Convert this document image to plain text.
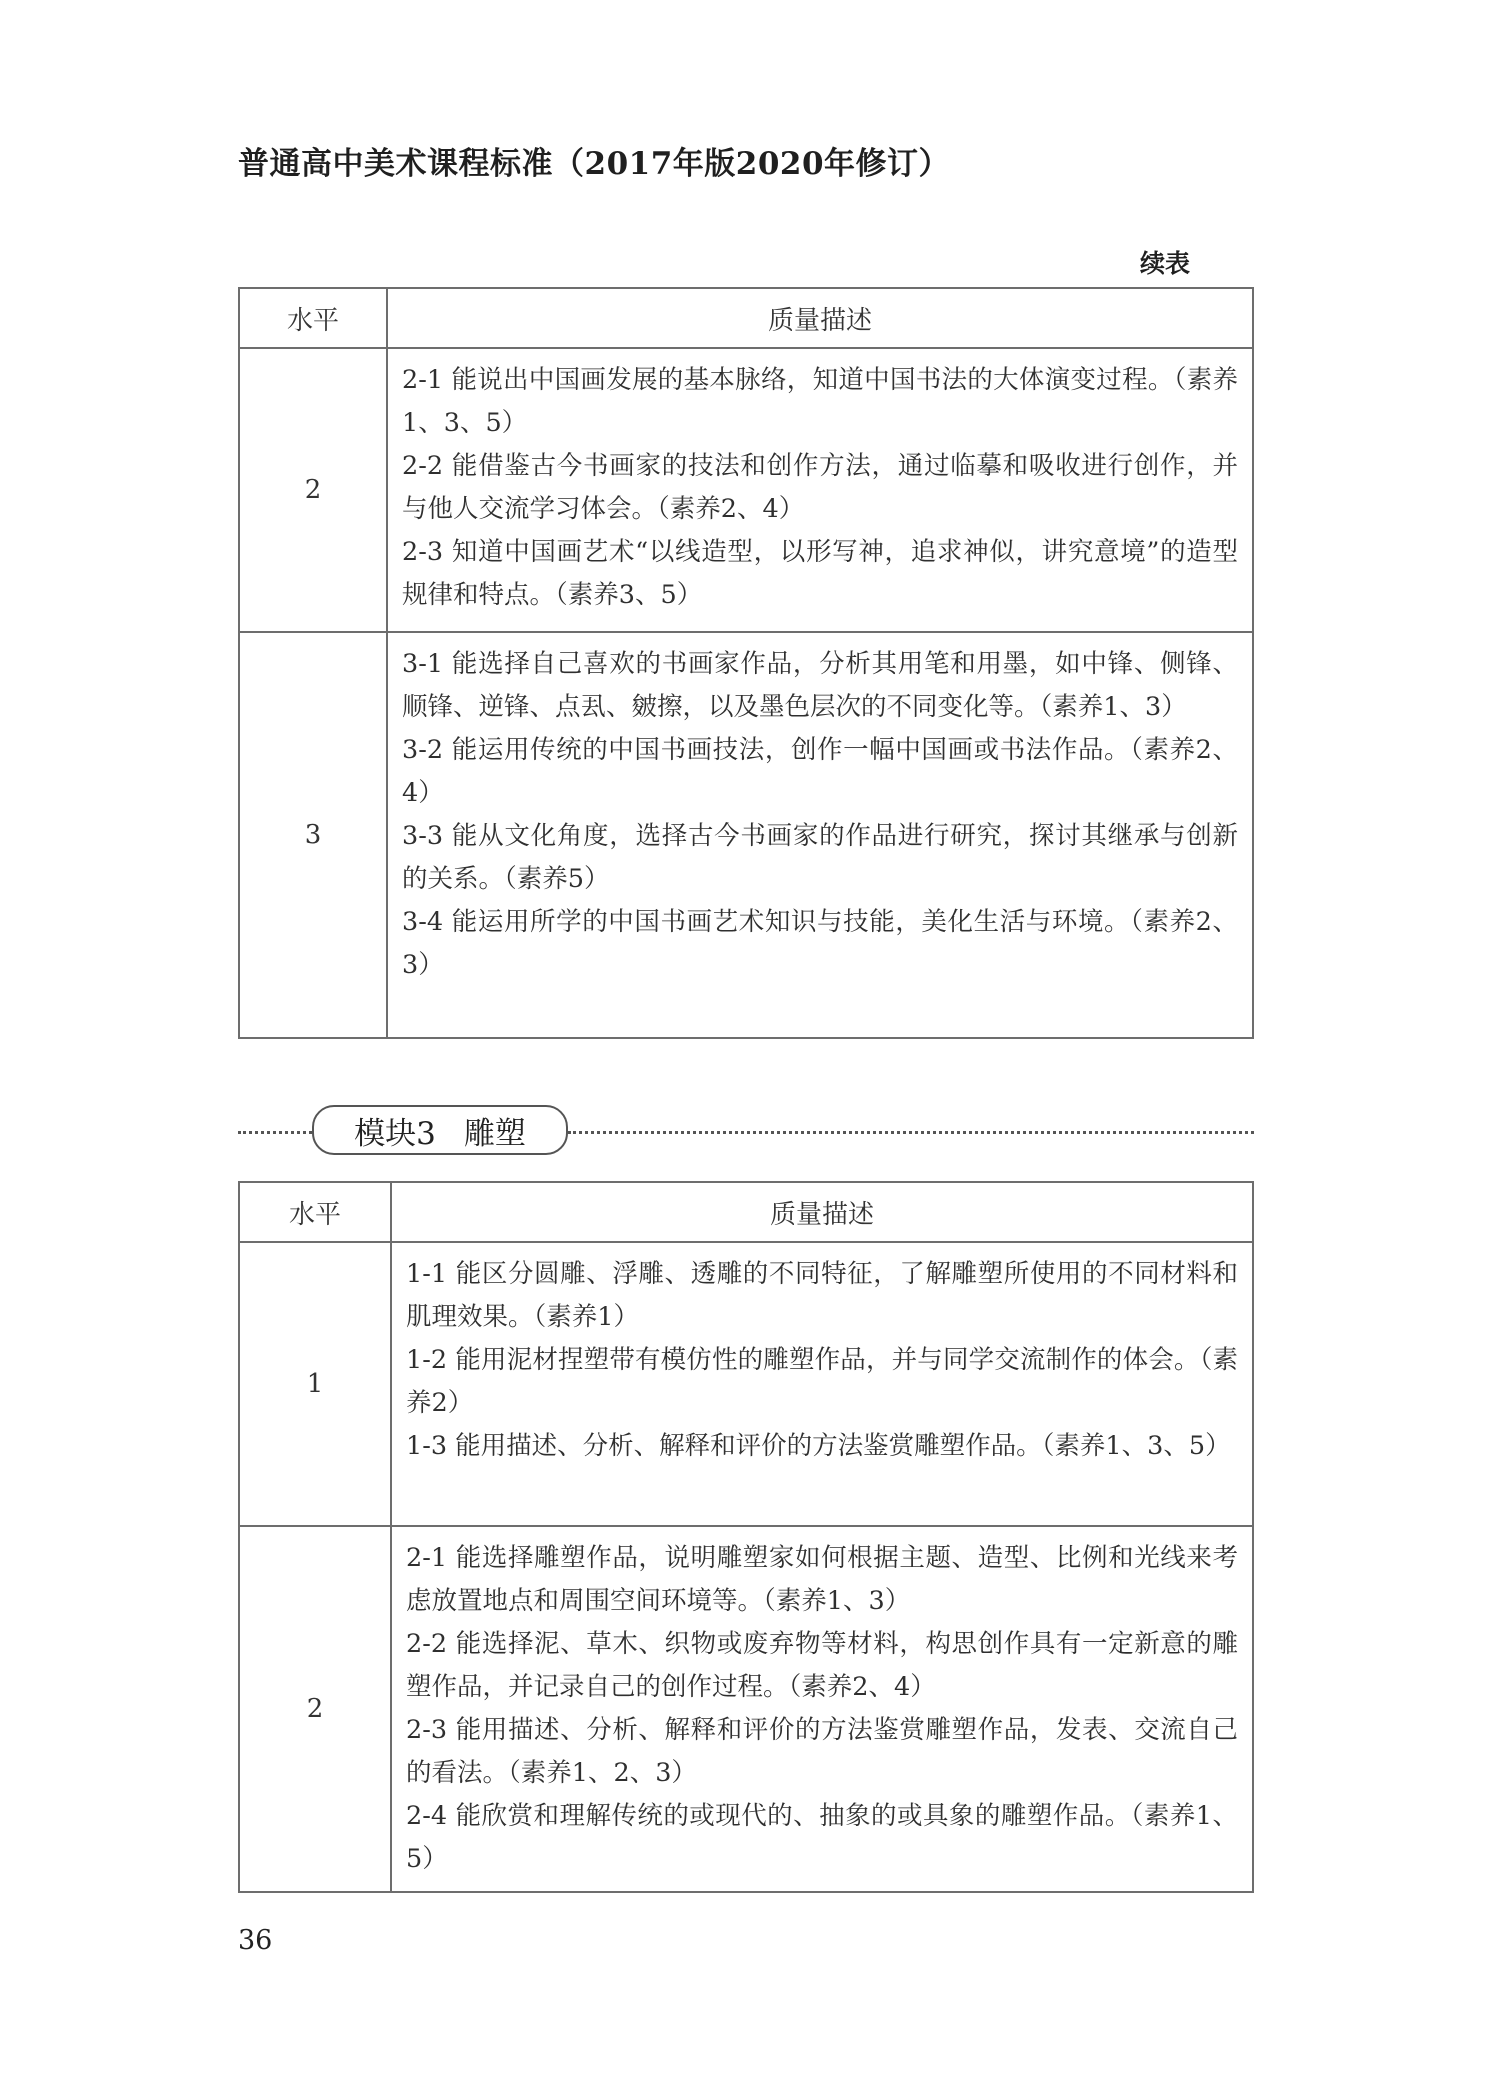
普通高中美术课程标准（2017年版2020年修订）
续表
水平	质量描述
2	2-1 能说出中国画发展的基本脉络，知道中国书法的大体演变过程。（素养1、3、5）
2-2 能借鉴古今书画家的技法和创作方法，通过临摹和吸收进行创作，并与他人交流学习体会。（素养2、4）
2-3 知道中国画艺术“以线造型，以形写神，追求神似，讲究意境”的造型规律和特点。（素养3、5）

3	3-1 能选择自己喜欢的书画家作品，分析其用笔和用墨，如中锋、侧锋、顺锋、逆锋、点厾、皴擦，以及墨色层次的不同变化等。（素养1、3）
3-2 能运用传统的中国书画技法，创作一幅中国画或书法作品。（素养2、4）
3-3 能从文化角度，选择古今书画家的作品进行研究，探讨其继承与创新的关系。（素养5）
3-4 能运用所学的中国书画艺术知识与技能，美化生活与环境。（素养2、3）
模块3 雕塑
水平	质量描述
1	1-1 能区分圆雕、浮雕、透雕的不同特征，了解雕塑所使用的不同材料和肌理效果。（素养1）
1-2 能用泥材捏塑带有模仿性的雕塑作品，并与同学交流制作的体会。（素养2）
1-3 能用描述、分析、解释和评价的方法鉴赏雕塑作品。（素养1、3、5）

2	2-1 能选择雕塑作品，说明雕塑家如何根据主题、造型、比例和光线来考虑放置地点和周围空间环境等。（素养1、3）
2-2 能选择泥、草木、织物或废弃物等材料，构思创作具有一定新意的雕塑作品，并记录自己的创作过程。（素养2、4）
2-3 能用描述、分析、解释和评价的方法鉴赏雕塑作品，发表、交流自己的看法。（素养1、2、3）
2-4 能欣赏和理解传统的或现代的、抽象的或具象的雕塑作品。（素养1、5）
36
